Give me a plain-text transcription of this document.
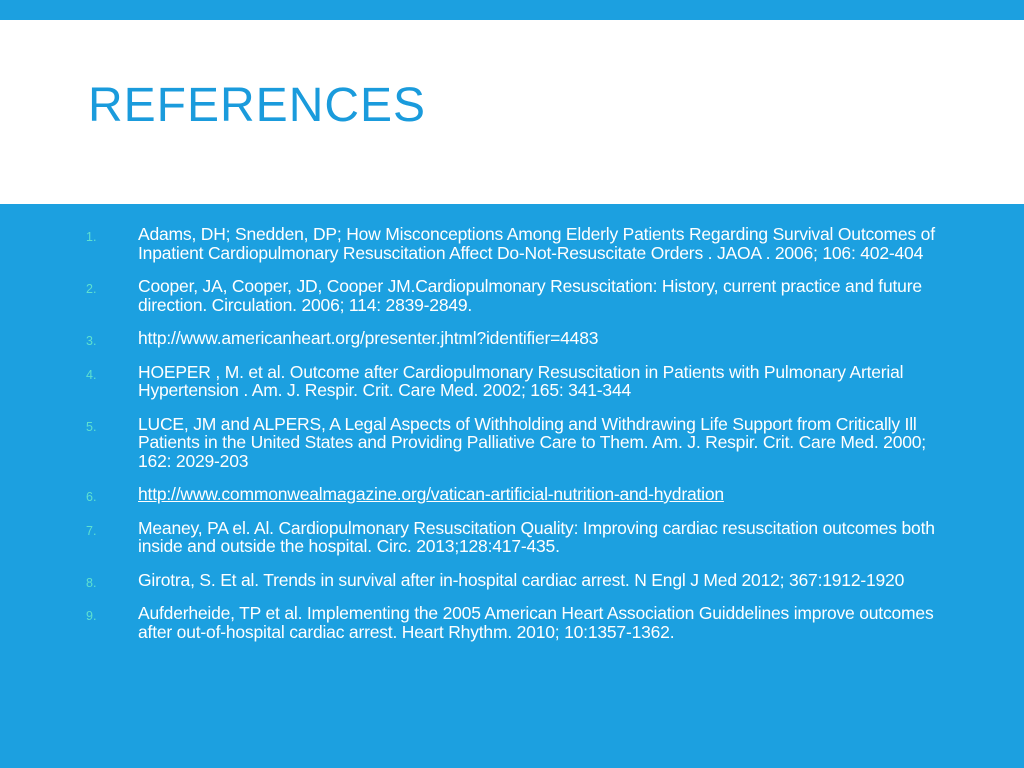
REFERENCES
1. Adams, DH; Snedden, DP; How Misconceptions Among Elderly Patients Regarding Survival Outcomes of Inpatient Cardiopulmonary Resuscitation Affect Do-Not-Resuscitate Orders . JAOA . 2006; 106: 402-404

2. Cooper, JA, Cooper, JD, Cooper JM.Cardiopulmonary Resuscitation: History, current practice and future direction. Circulation. 2006; 114: 2839-2849.

3. http://www.americanheart.org/presenter.jhtml?identifier=4483

4. HOEPER , M. et al. Outcome after Cardiopulmonary Resuscitation in Patients with Pulmonary Arterial Hypertension . Am. J. Respir. Crit. Care Med. 2002; 165: 341-344

5. LUCE, JM and ALPERS, A Legal Aspects of Withholding and Withdrawing Life Support from Critically Ill Patients in the United States and Providing Palliative Care to Them. Am. J. Respir. Crit. Care Med. 2000; 162: 2029-203

6. http://www.commonwealmagazine.org/vatican-artificial-nutrition-and-hydration

7. Meaney, PA el. Al. Cardiopulmonary Resuscitation Quality: Improving cardiac resuscitation outcomes both inside and outside the hospital. Circ. 2013;128:417-435.

8. Girotra, S. Et al. Trends in survival after in-hospital cardiac arrest. N Engl J Med 2012; 367:1912-1920

9. Aufderheide, TP et al. Implementing the 2005 American Heart Association Guiddelines improve outcomes after out-of-hospital cardiac arrest. Heart Rhythm. 2010; 10:1357-1362.
